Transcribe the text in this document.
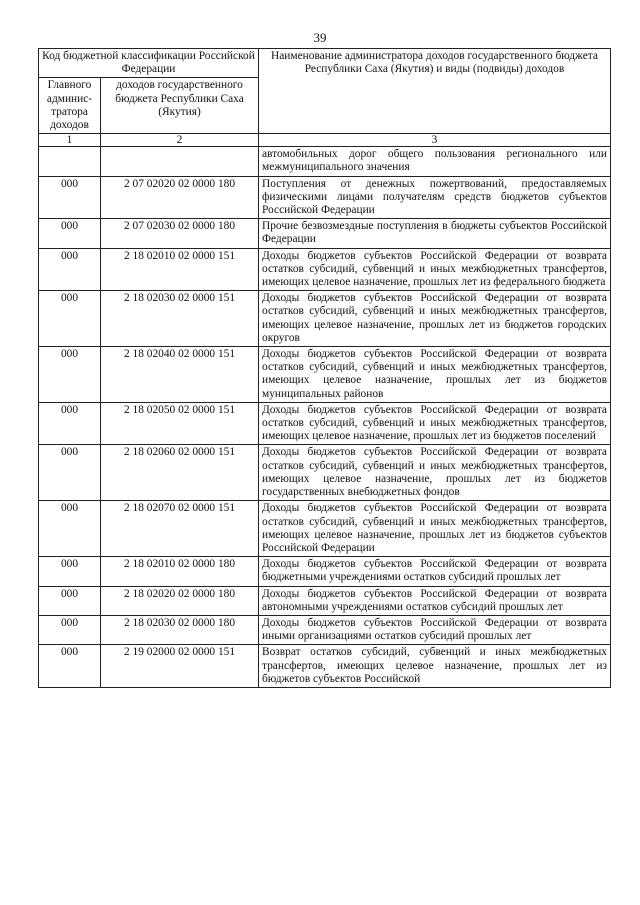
39
Код бюджетной классификации Российской Федерации		Наименование администратора доходов государственного бюджета Республики Саха (Якутия) и виды (подвиды) доходов
Главного админис-тратора доходов	доходов государственного бюджета Республики Саха (Якутия)	
1	2	3
		автомобильных дорог общего пользования регионального или межмуниципального значения
000	2 07 02020 02 0000 180	Поступления от денежных пожертвований, предоставляемых физическими лицами получателям средств бюджетов субъектов Российской Федерации
000	2 07 02030 02 0000 180	Прочие безвозмездные поступления в бюджеты субъектов Российской Федерации
000	2 18 02010 02 0000 151	Доходы бюджетов субъектов Российской Федерации от возврата остатков субсидий, субвенций и иных межбюджетных трансфертов, имеющих целевое назначение, прошлых лет из федерального бюджета
000	2 18 02030 02 0000 151	Доходы бюджетов субъектов Российской Федерации от возврата остатков субсидий, субвенций и иных межбюджетных трансфертов, имеющих целевое назначение, прошлых лет из бюджетов городских округов
000	2 18 02040 02 0000 151	Доходы бюджетов субъектов Российской Федерации от возврата остатков субсидий, субвенций и иных межбюджетных трансфертов, имеющих целевое назначение, прошлых лет из бюджетов муниципальных районов
000	2 18 02050 02 0000 151	Доходы бюджетов субъектов Российской Федерации от возврата остатков субсидий, субвенций и иных межбюджетных трансфертов, имеющих целевое назначение, прошлых лет из бюджетов поселений
000	2 18 02060 02 0000 151	Доходы бюджетов субъектов Российской Федерации от возврата остатков субсидий, субвенций и иных межбюджетных трансфертов, имеющих целевое назначение, прошлых лет из бюджетов государственных внебюджетных фондов
000	2 18 02070 02 0000 151	Доходы бюджетов субъектов Российской Федерации от возврата остатков субсидий, субвенций и иных межбюджетных трансфертов, имеющих целевое назначение, прошлых лет из бюджетов субъектов Российской Федерации
000	2 18 02010 02 0000 180	Доходы бюджетов субъектов Российской Федерации от возврата бюджетными учреждениями остатков субсидий прошлых лет
000	2 18 02020 02 0000 180	Доходы бюджетов субъектов Российской Федерации от возврата автономными учреждениями остатков субсидий прошлых лет
000	2 18 02030 02 0000 180	Доходы бюджетов субъектов Российской Федерации от возврата иными организациями остатков субсидий прошлых лет
000	2 19 02000 02 0000 151	Возврат остатков субсидий, субвенций и иных межбюджетных трансфертов, имеющих целевое назначение, прошлых лет из бюджетов субъектов Российской
